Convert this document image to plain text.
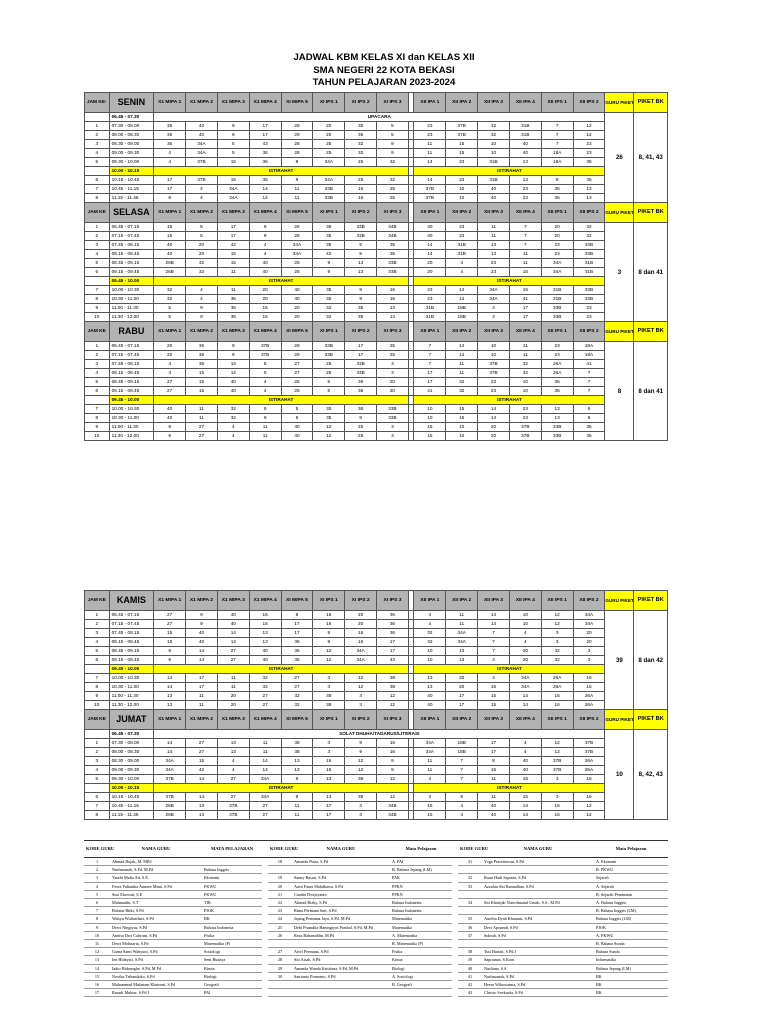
JADWAL KBM KELAS XI dan KELAS XII
SMA NEGERI 22 KOTA BEKASI
TAHUN PELAJARAN 2023-2024
JAM KE-	SENIN	X1 MIPA 1	X1 MIPA 2	X1 MIPA 3	X1 MIPA 4	XI MIPA 5	XI IPS 1	XI IPS 2	XI IPS 3		XII IPA 1	XII IPA 2	XII IPA 3	XII IPA 4	XII IPS 1	XII IPS 2	GURU PIKET	PIKET BK
	06.45 - 07.30	UPACARA															26	8, 41, 43
1	07.30 - 08.00	36	40	9	17	29	20	35	5		23	37B	32	31B	7	12		
2	08.00 - 08.30	36	40	9	17	29	20	35	5		23	37B	32	31B	7	12		
3	08.30 - 09.00	36	34A	5	43	28	25	32	9		11	15	10	40	7	23		
4	09.00 - 09.30	4	34A	5	36	28	25	32	9		11	15	10	40	18A	23		
5	09.30 - 10.00	4	37B	15	36	9	34A	25	32		14	23	31B	13	18A	35		
	10.00 - 10.15	ISTIRAHAT									ISTIRAHAT							
6	10.15 - 10.45	17	37B	15	36	9	34A	25	32		14	23	31B	13	8	35		
7	10.45 - 11.15	17	4	34A	14	11	33B	16	25		37B	10	40	23	35	13		
8	11.15 - 11.45	8	4	34A	14	11	33B	16	25		37B	10	40	23	35	13		
JAM KE	SELASA	X1 MIPA 1	X1 MIPA 2	X1 MIPA 3	X1 MIPA 4	XI MIPA 5	XI IPS 1	XI IPS 2	XI IPS 3		XII IPA 1	XII IPA 2	XII IPA 3	XII IPA 4	XII IPS 1	XII IPS 2	GURU PIKET	PIKET BK
1	06.45 - 07.15	15	5	17	9	28	36	33B	34B		40	23	11	7	20	32	3	8 dan 41
2	07.15 - 07.45	15	5	17	9	28	36	33B	34B		40	23	11	7	20	32		
3	07.45 - 08.15	40	20	42	4	34A	36	5	35		14	31B	13	7	23	33B		
4	08.15 - 08.45	40	20	15	4	34A	42	5	35		14	31B	13	11	23	33B		
5	08.45 - 09.15	26B	32	15	40	25	9	13	33B		20	4	23	11	34A	31B		
6	09.15 - 09.45	26B	32	11	40	25	9	13	33B		20	4	23	15	34A	31B		
	09.45 - 10.00	ISTIRAHAT									ISTIRAHAT							
7	10.00 - 10.30	32	4	11	20	40	35	9	16		23	14	34A	15	31B	33B		
8	10.30 - 11.00	32	4	36	20	40	35	9	16		23	14	34A	41	31B	33B		
9	11.00 - 11.30	5	9	36	15	20	32	35	13		31B	18B	4	17	33B	23		
10	11.30 - 12.00	5	9	36	15	20	32	35	13		31B	18B	4	17	33B	23		
JAM KE	RABU	X1 MIPA 1	X1 MIPA 2	X1 MIPA 3	X1 MIPA 4	XI MIPA 5	XI IPS 1	XI IPS 2	XI IPS 3		XII IPA 1	XII IPA 2	XII IPA 3	XII IPA 4	XII IPS 1	XII IPS 2	GURU PIKET	PIKET BK
1	06.45 - 07.15	20	36	9	37B	29	33B	17	25		7	14	10	11	23	18A	8	8 dan 41
2	07.15 - 07.45	20	36	9	37B	29	33B	17	25		7	14	10	11	23	18A		
3	07.45 - 08.15	4	36	14	5	27	25	33B	3		7	11	37B	32	26A	41		
4	08.15 - 08.45	4	15	14	5	27	25	33B	3		17	11	37B	32	26A	7		
5	08.45 - 09.15	27	15	40	4	25	5	36	20		17	32	23	10	35	7		
6	09.15 - 09.45	27	15	40	4	25	5	36	20		41	32	23	10	35	7		
	09.45 - 10.00	ISTIRAHAT									ISTIRAHAT							
7	10.00 - 10.30	40	11	32	9	5	35	36	33B		10	15	14	23	13	5		
8	10.30 - 11.00	40	11	32	9	5	35	8	33B		10	15	14	23	13	5		
9	11.00 - 11.30	9	27	4	11	40	12	25	3		15	10	20	37B	33B	35		
10	11.30 - 12.00	9	27	4	11	40	12	25	3		15	10	20	37B	33B	35		
JAM KE	KAMIS	X1 MIPA 1	X1 MIPA 2	X1 MIPA 3	X1 MIPA 4	XI MIPA 5	XI IPS 1	XI IPS 2	XI IPS 3		XII IPA 1	XII IPA 2	XII IPA 3	XII IPA 4	XII IPS 1	XII IPS 2	GURU PIKET	PIKET BK
1	06.45 - 07.15	27	9	40	15	8	16	20	36		4	11	14	10	12	34A	39	8 dan 42
2	07.15 - 07.45	27	9	40	15	17	16	20	36		4	11	14	10	12	34A		
3	07.45 - 08.15	15	40	14	13	17	9	16	36		32	34A	7	4	3	20		
4	08.15 - 08.45	15	40	14	13	36	9	16	17		32	34A	7	4	3	20		
5	08.45 - 09.15	9	14	27	40	36	12	34A	17		10	13	7	20	32	3		
6	09.15 - 09.45	9	14	27	40	36	12	34A	43		10	13	4	20	32	3		
	09.45 - 10.00	ISTIRAHAT									ISTIRAHAT							
7	10.00 - 10.30	14	17	11	32	27	3	12	38		13	20	4	34A	26A	16		
8	10.30 - 11.00	14	17	11	32	27	3	12	38		13	20	15	34A	26A	16		
9	11.00 - 11.30	13	11	20	27	32	38	3	12		40	17	15	14	16	26A		
10	11.30 - 12.00	13	11	20	27	32	38	3	12		40	17	15	14	16	26A		
JAM KE	JUMAT	X1 MIPA 1	X1 MIPA 2	X1 MIPA 3	X1 MIPA 4	XI MIPA 5	XI IPS 1	XI IPS 2	XI IPS 3		XII IPA 1	XII IPA 2	XII IPA 3	XII IPA 4	XII IPS 1	XII IPS 2	GURU PIKET	PIKET BK
	06.45 - 07.30	SOLAT DHUHA/TADARUS/LITERASI															10	8, 42, 43
1	07.30 - 08.00	14	27	13	11	38	3	9	16		34A	18B	17	4	12	37B		
2	08.00 - 08.30	14	27	13	11	38	3	9	16		34A	18B	17	4	12	37B		
3	08.30 - 09.00	34A	15	4	14	13	16	12	9		11	7	8	40	37B	26A		
4	09.00 - 09.30	34A	42	4	14	13	16	12	9		11	7	15	40	37B	26A		
5	09.30 - 10.00	37B	14	27	34A	9	13	38	12		4	7	11	15	3	16		
	10.00 - 10.15	ISTIRAHAT									ISTIRAHAT							
6	10.15 - 10.45	37B	14	27	34A	9	13	38	12		4	8	11	15	3	16		
7	10.45 - 11.15	26B	13	37B	27	11	17	3	34B		15	4	40	14	16	12		
8	11.15 - 11.45	26B	13	37B	27	11	17	3	34B		15	4	40	14	16	12		
KODE GURU	NAMA GURU	MATA PELAJARAN		KODE GURU	NAMA GURU	Mata Pelajaran		KODE GURU	NAMA GURU	Mata Pelajaran
1	Ahmad Rojak, M. MPd			18	Amanda Putra, S.Pd	A. PAI		31	Yoga Prasetiawan, S.Pd	A. Ekonomi
2	Nurhasanah, S.Pd, M.Pd	Bahasa Inggris				B. Bahasa Jepang (LM)				B. PKWU
3	Yanthi Malia Att, S.E.	Ekonomi		19	Sanny Basari, S.Pd	PAK		32	Ihsan Hadi Saputra, S.Pd	Sejarah
4	Feera Yulianika Annaee Muni, S.Pd	PKWU		20	Armi Fauzi Mahdhawa, S.Pd	PPKN		33	Azzahra Siti Ramadhan, S.Pd	A. Sejarah
5	Susi Ekowati, S.E	PKWU		21	Candra Dwijayanto	PPKN				B. Sejarah Peminatan
6	Mahmudin, S.T	TIK		22	Ahmad Rizky, S.Pd	Bahasa Indonesia		34	Siti Khotijah Nurrohmatul Umah, S.S., M.Pd	A. Bahasa Inggris
7	Bahtiar Ritki, S.Pd	PJOK		23	Rima Permana Sari, S.Pd	Bahasa Indonesia				B. Bahasa Inggris (LM)
8	Wahyu Widiasihati, S.Pd	BK		24	Jajang Permana Jaya, S.Pd, M.Pd	Matematika		35	Aurelia Dyah Khairani, S.Pd	Bahasa Inggris (LM)
9	Dewi Ningtyas, S.Pd	Bahasa Indonesia		25	Debi Pramdita Haningtyas Prasbal, S.Pd, M.Pd	Matematika		36	Devi Apriandi, S.Pd	PJOK
10	Annisa Dwi Cahyani, S.Pd	Fisika		26	Reza Baharuddin, M.Pd	A. Matematika		37	Suhrah, S.Pd	A. PKWU
11	Dewi Molinaria, S.Pd	Matematika (P)				B. Matematika (P)				B. Bahasa Sunda
12	Gama Santi Wahyuni, S.Pd	Sosiologi		27	Arief Permana, S.Pd	Fisika		38	Tuti Hartati, S.Pd.I	Bahasa Sunda
13	Ien Hidayati, S.Pd	Seni Budaya		28	Siti Aisah, S.Pd	Kimia		39	Saprianus, S.Kom	Informatika
14	Iadio Hidanaghe, S.Pd, M.Pd	Kimia		29	Amanda Wanda Kristiana, S.Pd, M.Pd	Biologi		40	Nurliana, S.S	Bahasa Jepang (LM)
15	Novika Tribandoko, S.Pd	Biologi		30	Satrianto Purnomo, S.Pd	A. Sosiologi		41	Nurhasanah, S.Pd	BK
16	Muhammad Mulanam Khaironi, S.Pd	Geografi				B. Geografi		42	Heera Wibowatma, S.Pd	BK
17	Rasadi Muhtar, S.Pd.I	PAI						43	Christo Soekarda, S.Pd	BK
